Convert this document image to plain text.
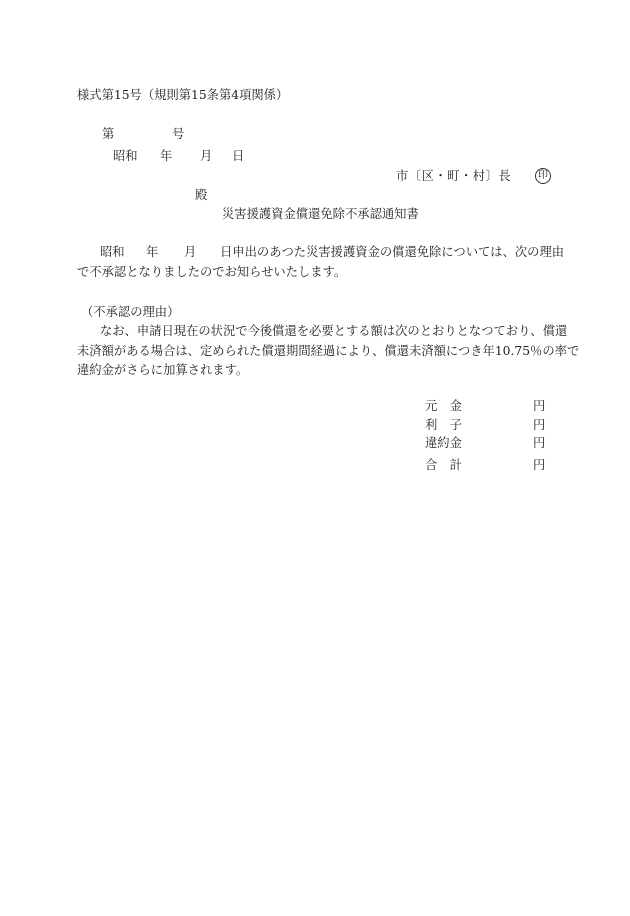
様式第15号（規則第15条第4項関係）
第	号
昭和 年 月 日
市〔区・町・村〕長	印
殿
災害援護資金償還免除不承認通知書
昭和 年 月 日申出のあつた災害援護資金の償還免除については、次の理由
で不承認となりましたのでお知らせいたします。
（不承認の理由）
なお、申請日現在の状況で今後償還を必要とする額は次のとおりとなつており、償還
未済額がある場合は、定められた償還期間経過により、償還未済額につき年10.75％の率で
違約金がさらに加算されます。
元　金	円
利　子	円
違約金	円
合　計	円
